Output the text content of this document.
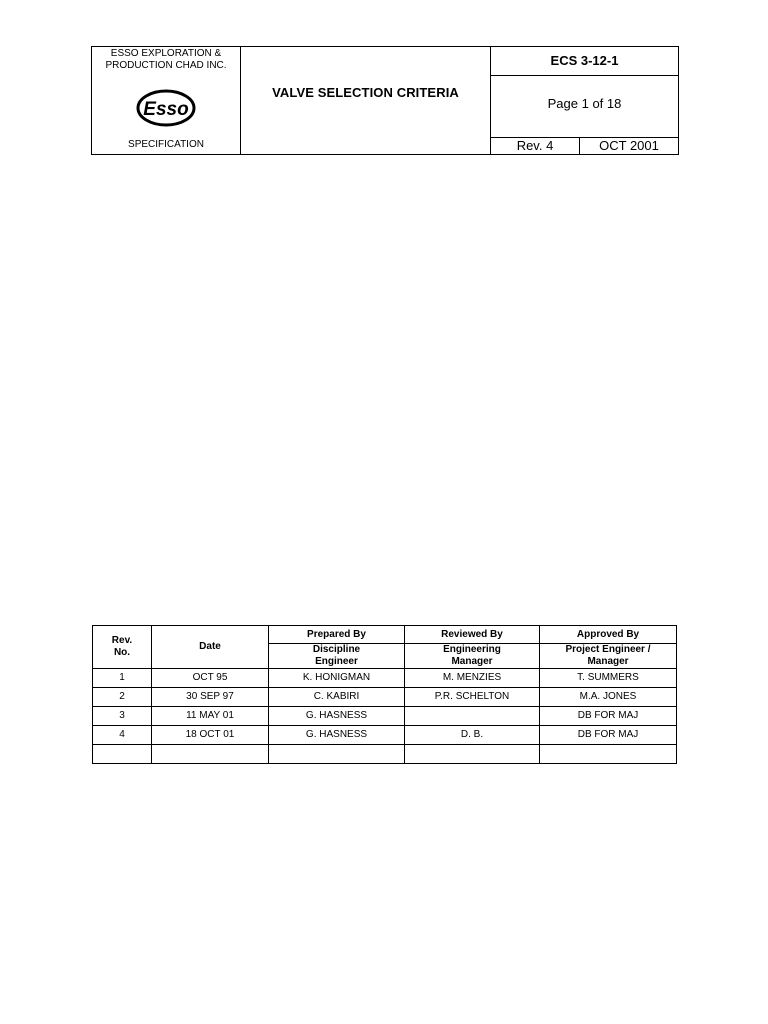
ESSO EXPLORATION &
PRODUCTION CHAD INC.
Esso
SPECIFICATION
VALVE SELECTION CRITERIA
ECS 3-12-1
Page 1 of 18
Rev. 4	OCT 2001
Rev. No.	Date	Prepared By	Reviewed By	Approved By
		Discipline Engineer	Engineering Manager	Project Engineer / Manager
1	OCT 95	K. HONIGMAN	M. MENZIES	T. SUMMERS
2	30 SEP 97	C. KABIRI	P.R. SCHELTON	M.A. JONES
3	11 MAY 01	G. HASNESS		DB FOR MAJ
4	18 OCT 01	G. HASNESS	D. B.	DB FOR MAJ
